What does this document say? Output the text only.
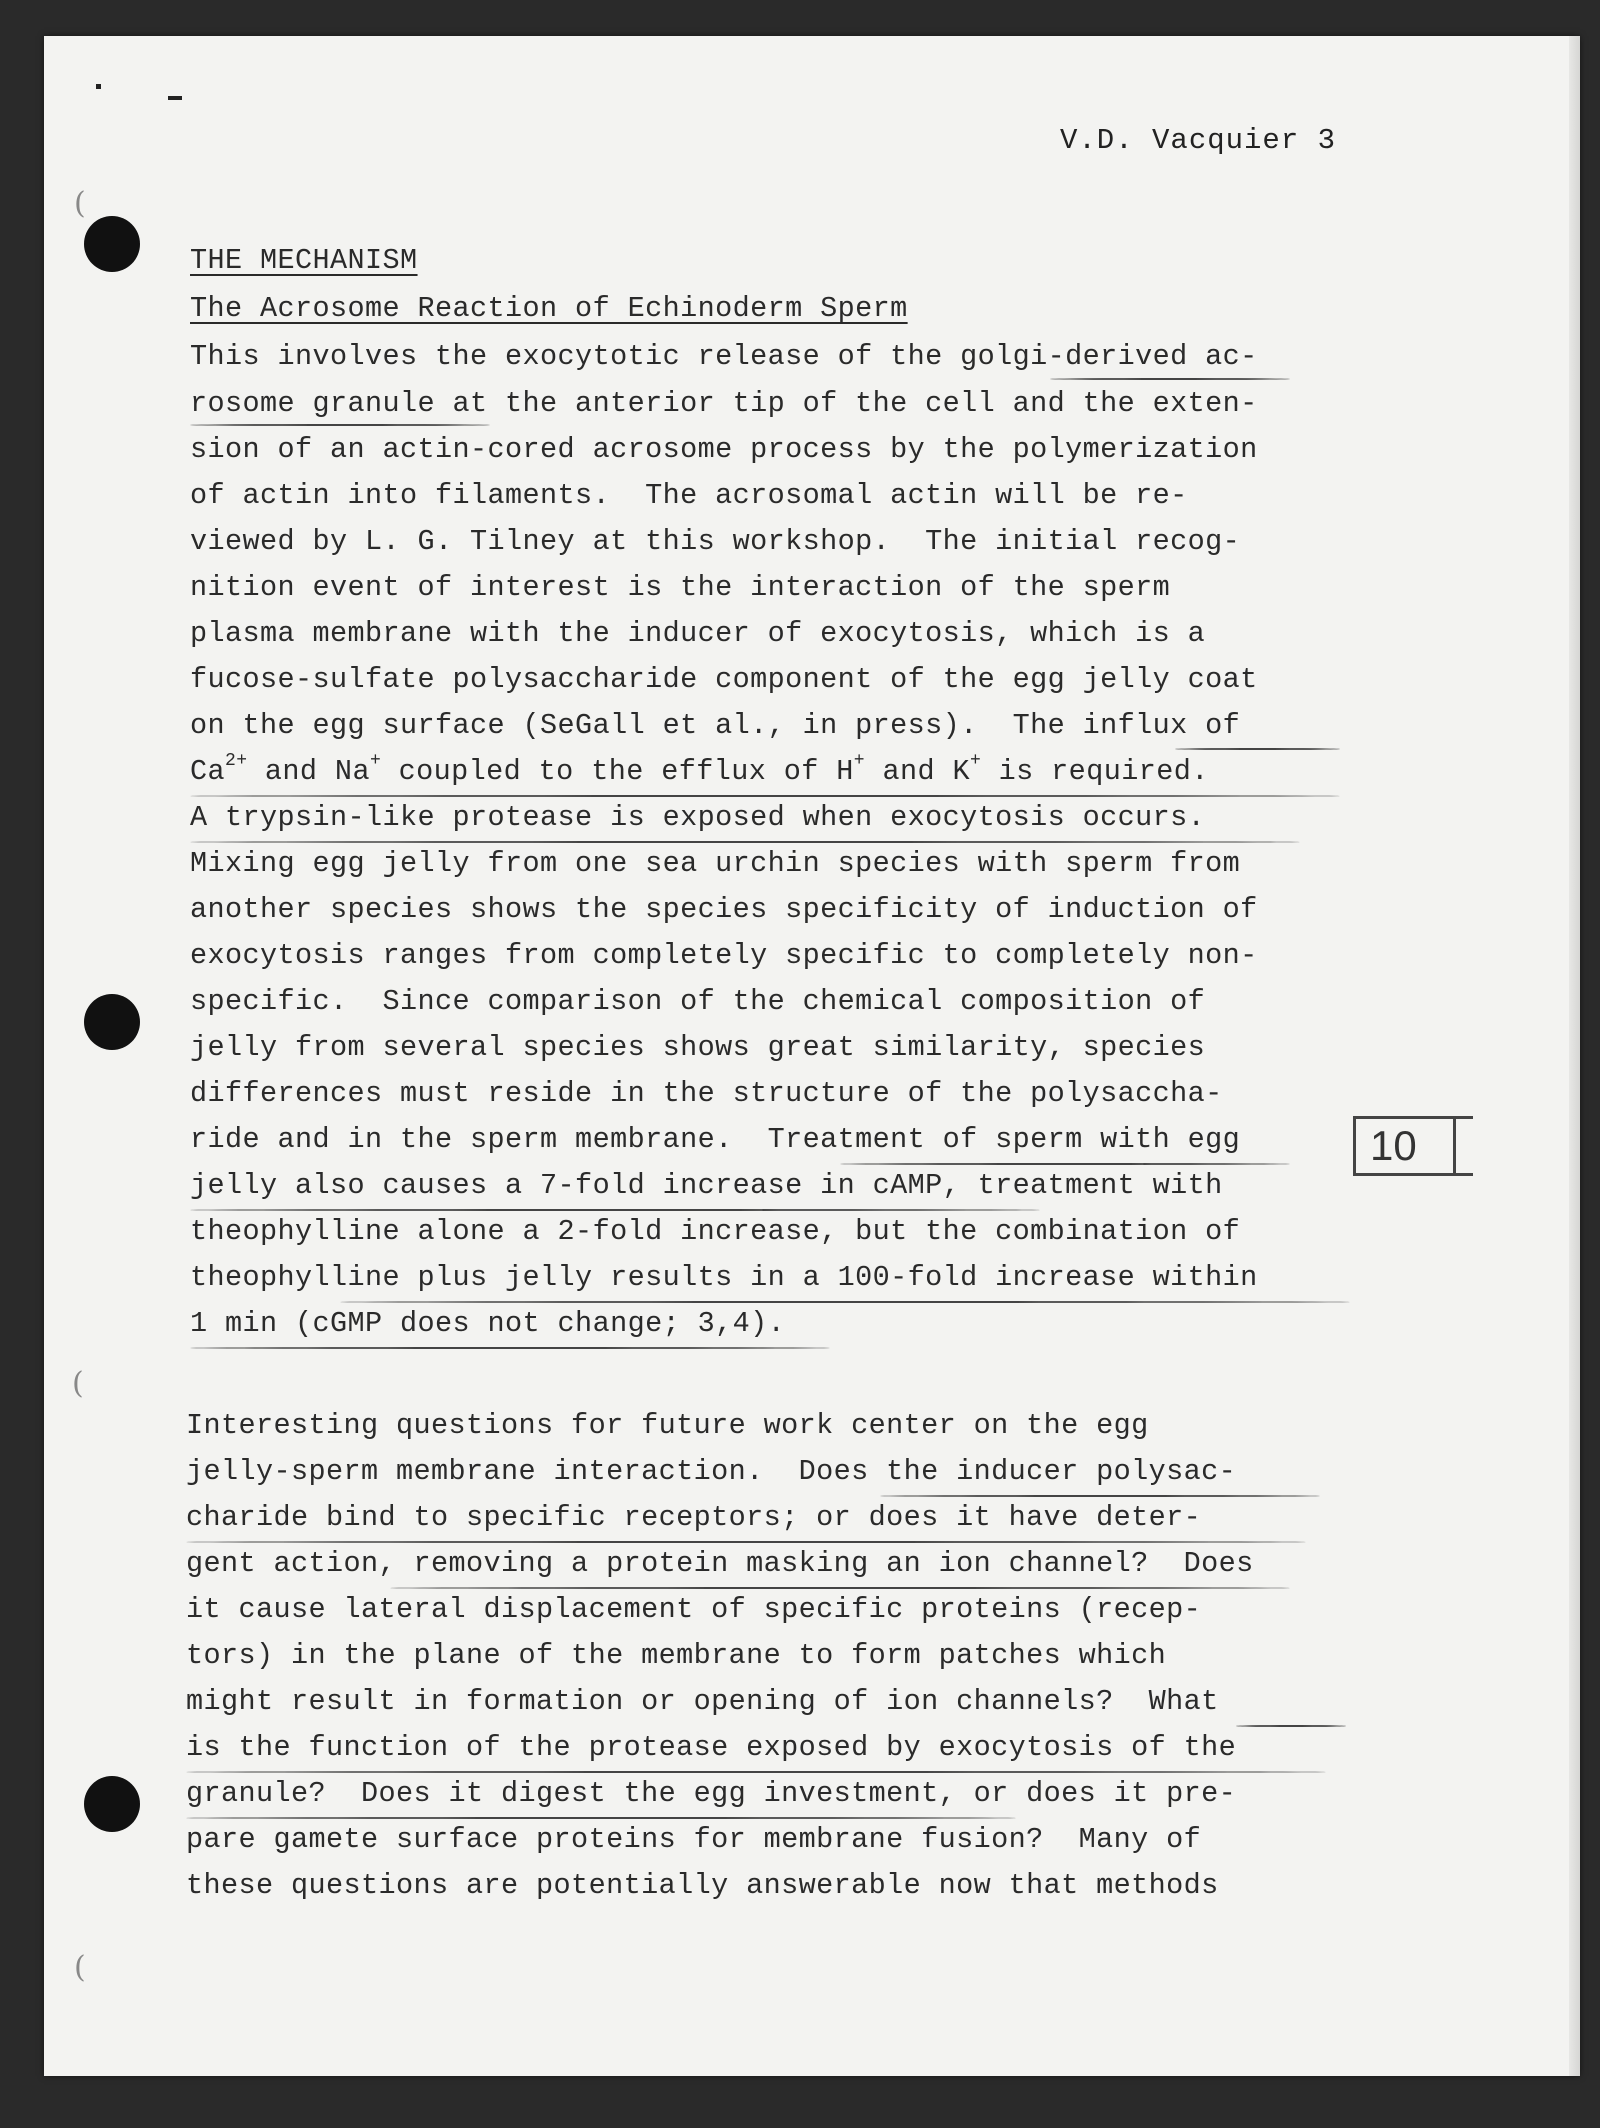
(
(
(
V.D. Vacquier 3
THE MECHANISM
The Acrosome Reaction of Echinoderm Sperm
This involves the exocytotic release of the golgi-derived ac-
rosome granule at the anterior tip of the cell and the exten-
sion of an actin-cored acrosome process by the polymerization
of actin into filaments.  The acrosomal actin will be re-
viewed by L. G. Tilney at this workshop.  The initial recog-
nition event of interest is the interaction of the sperm
plasma membrane with the inducer of exocytosis, which is a
fucose-sulfate polysaccharide component of the egg jelly coat
on the egg surface (SeGall et al., in press).  The influx of
$Ca^{2+}$ and Na+ coupled to the efflux of H+ and K+ is required.
A trypsin-like protease is exposed when exocytosis occurs.
Mixing egg jelly from one sea urchin species with sperm from
another species shows the species specificity of induction of
exocytosis ranges from completely specific to completely non-
specific.  Since comparison of the chemical composition of
jelly from several species shows great similarity, species
differences must reside in the structure of the polysaccha-
ride and in the sperm membrane.  Treatment of sperm with egg
jelly also causes a 7-fold increase in cAMP, treatment with
theophylline alone a 2-fold increase, but the combination of
theophylline plus jelly results in a 100-fold increase within
1 min (cGMP does not change; 3,4).
Interesting questions for future work center on the egg
jelly-sperm membrane interaction.  Does the inducer polysac-
charide bind to specific receptors; or does it have deter-
gent action, removing a protein masking an ion channel?  Does
it cause lateral displacement of specific proteins (recep-
tors) in the plane of the membrane to form patches which
might result in formation or opening of ion channels?  What
is the function of the protease exposed by exocytosis of the
granule?  Does it digest the egg investment, or does it pre-
pare gamete surface proteins for membrane fusion?  Many of
these questions are potentially answerable now that methods
10
